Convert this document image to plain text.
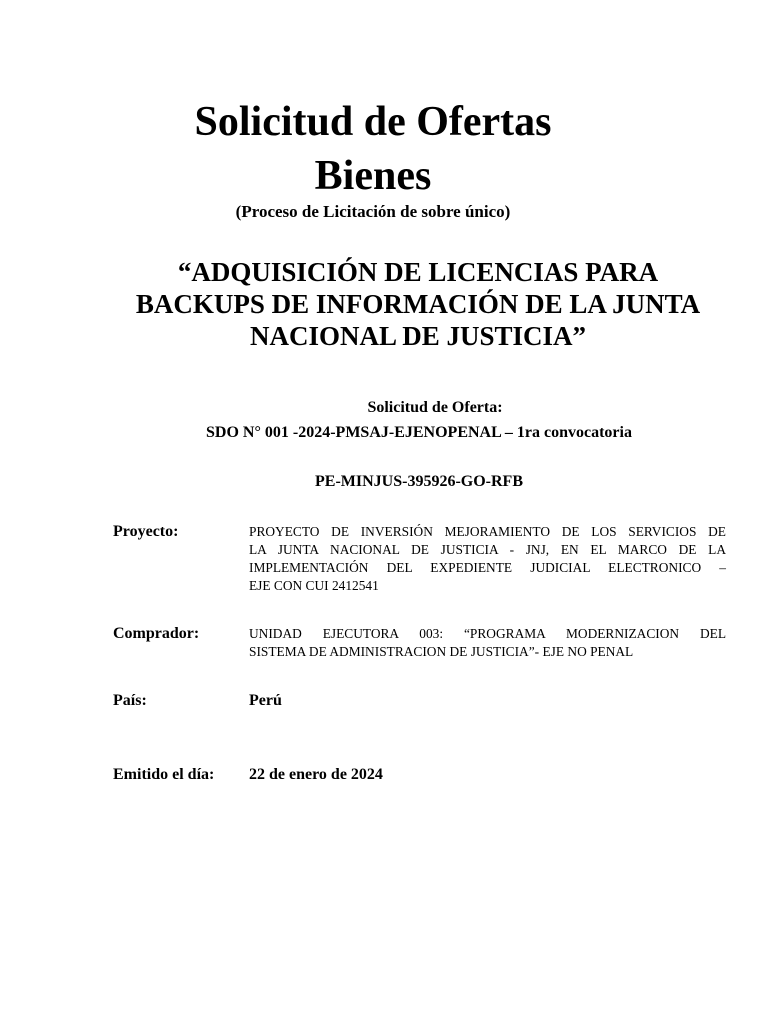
Solicitud de Ofertas
Bienes
(Proceso de Licitación de sobre único)
“ADQUISICIÓN DE LICENCIAS PARA
BACKUPS DE INFORMACIÓN DE LA JUNTA
NACIONAL DE JUSTICIA”
Solicitud de Oferta:
SDO N° 001 -2024-PMSAJ-EJENOPENAL – 1ra convocatoria
PE-MINJUS-395926-GO-RFB
Proyecto:	PROYECTO DE INVERSIÓN MEJORAMIENTO DE LOS SERVICIOS DE
LA JUNTA NACIONAL DE JUSTICIA - JNJ, EN EL MARCO DE LA
IMPLEMENTACIÓN DEL EXPEDIENTE JUDICIAL ELECTRONICO –
EJE CON CUI 2412541
Comprador:	UNIDAD EJECUTORA 003: “PROGRAMA MODERNIZACION DEL
SISTEMA DE ADMINISTRACION DE JUSTICIA”- EJE NO PENAL
País:	Perú
Emitido el día: 22 de enero de 2024
